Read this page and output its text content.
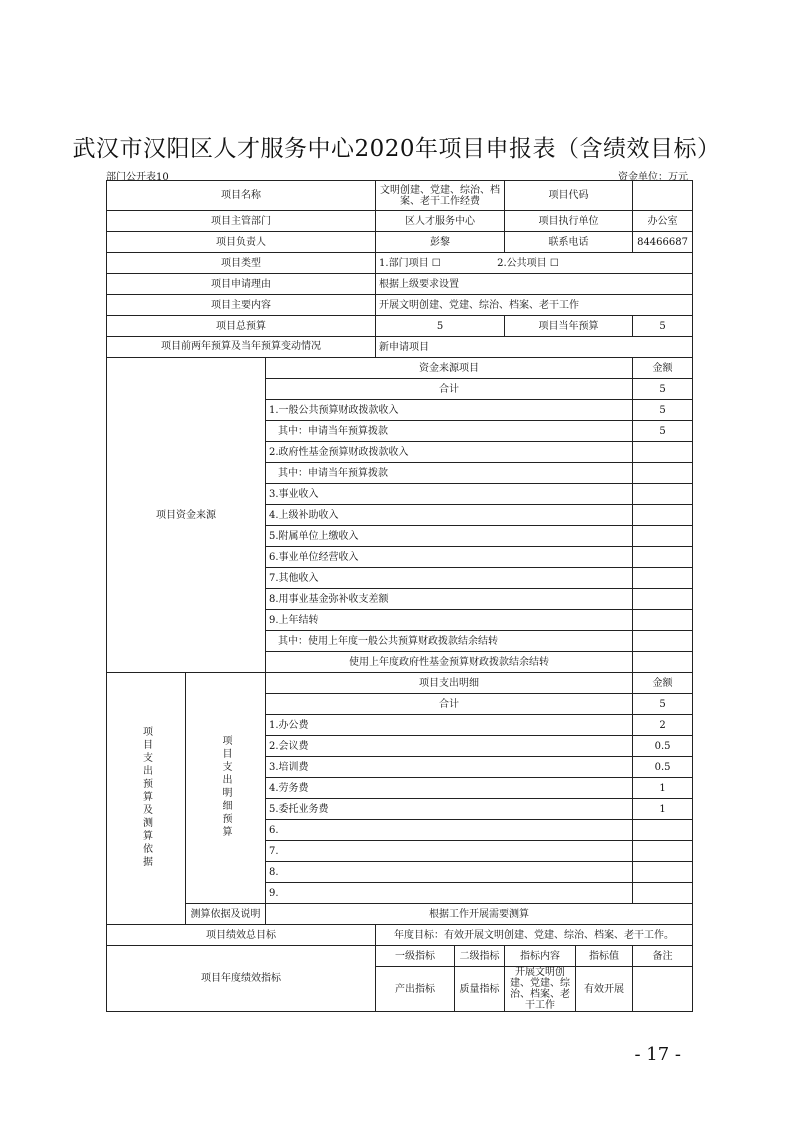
武汉市汉阳区人才服务中心2020年项目申报表（含绩效目标）
部门公开表10	资金单位：万元
项目名称			文明创建、党建、综治、档案、老干工作经费		项目代码		
项目主管部门			区人才服务中心		项目执行单位		办公室
项目负责人			彭黎		联系电话		84466687
项目类型			1.部门项目 ☐ 2.公共项目 ☐				
项目申请理由			根据上级要求设置				
项目主要内容			开展文明创建、党建、综治、档案、老干工作				
项目总预算			5		项目当年预算		5
项目前两年预算及当年预算变动情况			新申请项目				
项目资金来源		资金来源项目					金额
		合计					5
		1.一般公共预算财政拨款收入					5
		其中：申请当年预算拨款					5
		2.政府性基金预算财政拨款收入					
		其中：申请当年预算拨款					
		3.事业收入					
		4.上级补助收入					
		5.附属单位上缴收入					
		6.事业单位经营收入					
		7.其他收入					
		8.用事业基金弥补收支差额					
		9.上年结转					
		其中：使用上年度一般公共预算财政拨款结余结转					
		使用上年度政府性基金预算财政拨款结余结转					
项目支出预算及测算依据	项目支出明细预算	项目支出明细					金额
		合计					5
		1.办公费					2
		2.会议费					0.5
		3.培训费					0.5
		4.劳务费					1
		5.委托业务费					1
		6.					
		7.					
		8.					
		9.					
	测算依据及说明	根据工作开展需要测算					
项目绩效总目标			年度目标：有效开展文明创建、党建、综治、档案、老干工作。				
项目年度绩效指标			一级指标	二级指标	指标内容	指标值	备注
			产出指标	质量指标	开展文明创建、党建、综治、档案、老干工作	有效开展	
- 17 -
